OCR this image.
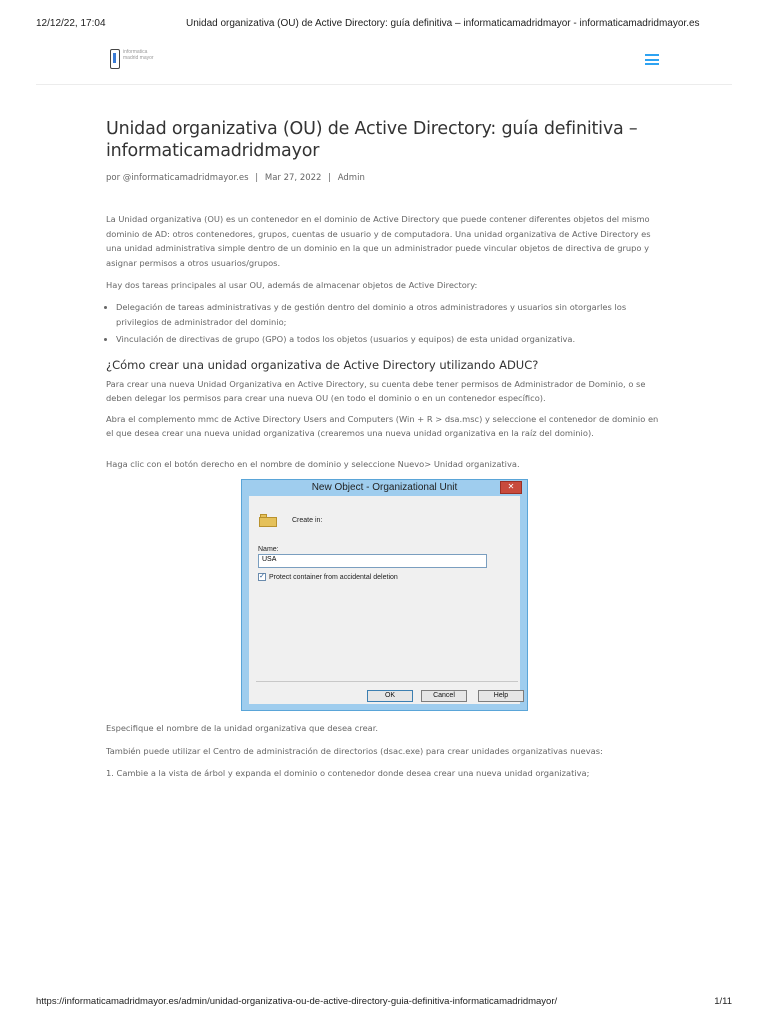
12/12/22, 17:04	Unidad organizativa (OU) de Active Directory: guía definitiva – informaticamadridmayor - informaticamadridmayor.es
informatica madrid mayor
Unidad organizativa (OU) de Active Directory: guía definitiva – informaticamadridmayor
por @informaticamadridmayor.es | Mar 27, 2022 | Admin

La Unidad organizativa (OU) es un contenedor en el dominio de Active Directory que puede contener diferentes objetos del mismo dominio de AD: otros contenedores, grupos, cuentas de usuario y de computadora. Una unidad organizativa de Active Directory es una unidad administrativa simple dentro de un dominio en la que un administrador puede vincular objetos de directiva de grupo y asignar permisos a otros usuarios/grupos.

Hay dos tareas principales al usar OU, además de almacenar objetos de Active Directory:

• Delegación de tareas administrativas y de gestión dentro del dominio a otros administradores y usuarios sin otorgarles los privilegios de administrador del dominio;
• Vinculación de directivas de grupo (GPO) a todos los objetos (usuarios y equipos) de esta unidad organizativa.
¿Cómo crear una unidad organizativa de Active Directory utilizando ADUC?

Para crear una nueva Unidad Organizativa en Active Directory, su cuenta debe tener permisos de Administrador de Dominio, o se deben delegar los permisos para crear una nueva OU (en todo el dominio o en un contenedor específico).

Abra el complemento mmc de Active Directory Users and Computers (Win + R > dsa.msc) y seleccione el contenedor de dominio en el que desea crear una nueva unidad organizativa (crearemos una nueva unidad organizativa en la raíz del dominio).

Haga clic con el botón derecho en el nombre de dominio y seleccione Nuevo> Unidad organizativa.

New Object - Organizational Unit	✕
Create in:
Name:
USA
✓ Protect container from accidental deletion
OK	Cancel	Help

Especifique el nombre de la unidad organizativa que desea crear.

También puede utilizar el Centro de administración de directorios (dsac.exe) para crear unidades organizativas nuevas:

1. Cambie a la vista de árbol y expanda el dominio o contenedor donde desea crear una nueva unidad organizativa;

https://informaticamadridmayor.es/admin/unidad-organizativa-ou-de-active-directory-guia-definitiva-informaticamadridmayor/	1/11
